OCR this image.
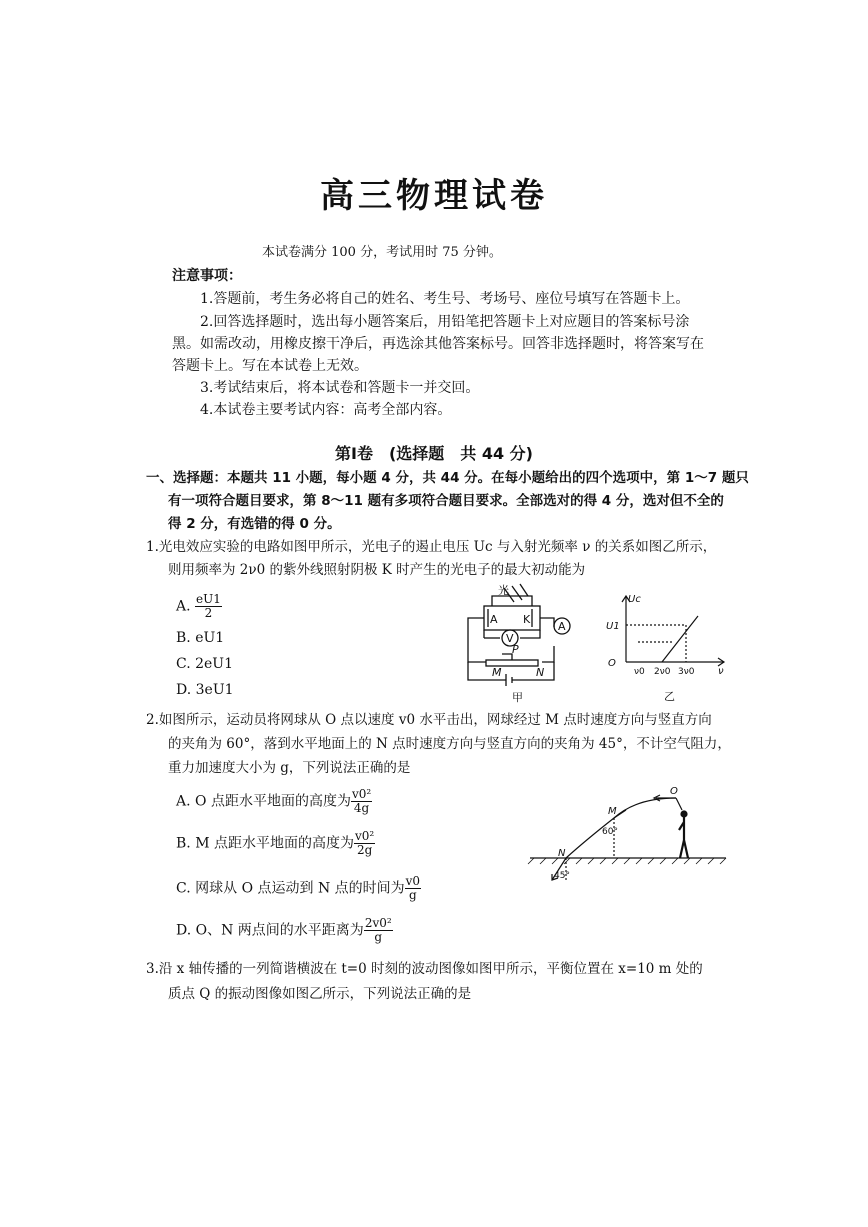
高三物理试卷
本试卷满分 100 分，考试用时 75 分钟。
注意事项：
1.答题前，考生务必将自己的姓名、考生号、考场号、座位号填写在答题卡上。
2.回答选择题时，选出每小题答案后，用铅笔把答题卡上对应题目的答案标号涂
黑。如需改动，用橡皮擦干净后，再选涂其他答案标号。回答非选择题时，将答案写在
答题卡上。写在本试卷上无效。
3.考试结束后，将本试卷和答题卡一并交回。
4.本试卷主要考试内容：高考全部内容。
第Ⅰ卷　(选择题　共 44 分)
一、选择题：本题共 11 小题，每小题 4 分，共 44 分。在每小题给出的四个选项中，第 1～7 题只
有一项符合题目要求，第 8～11 题有多项符合题目要求。全部选对的得 4 分，选对但不全的
得 2 分，有选错的得 0 分。
1.光电效应实验的电路如图甲所示，光电子的遏止电压 Uc 与入射光频率 ν 的关系如图乙所示，
则用频率为 2ν0 的紫外线照射阴极 K 时产生的光电子的最大初动能为
A. $\frac{eU1}{2}$
B. eU1
C. 2eU1
D. 3eU1
光
A K
V
A
P
M	N
甲
Uc
U1
O
ν0 2ν0 3ν0 ν
乙
2.如图所示，运动员将网球从 O 点以速度 v0 水平击出，网球经过 M 点时速度方向与竖直方向
的夹角为 60°，落到水平地面上的 N 点时速度方向与竖直方向的夹角为 45°，不计空气阻力，
重力加速度大小为 g，下列说法正确的是
A. O 点距水平地面的高度为 $\frac{\text{v0²}}{4g}$
B. M 点距水平地面的高度为 $\frac{\text{v0²}}{2g}$
C. 网球从 O 点运动到 N 点的时间为 $\frac{v0}{g}$
D. O、N 两点间的水平距离为 $\frac{\text{2v0²}}{g}$
O
M
N
60°
45°
3.沿 x 轴传播的一列简谐横波在 t=0 时刻的波动图像如图甲所示，平衡位置在 x=10 m 处的
质点 Q 的振动图像如图乙所示，下列说法正确的是
